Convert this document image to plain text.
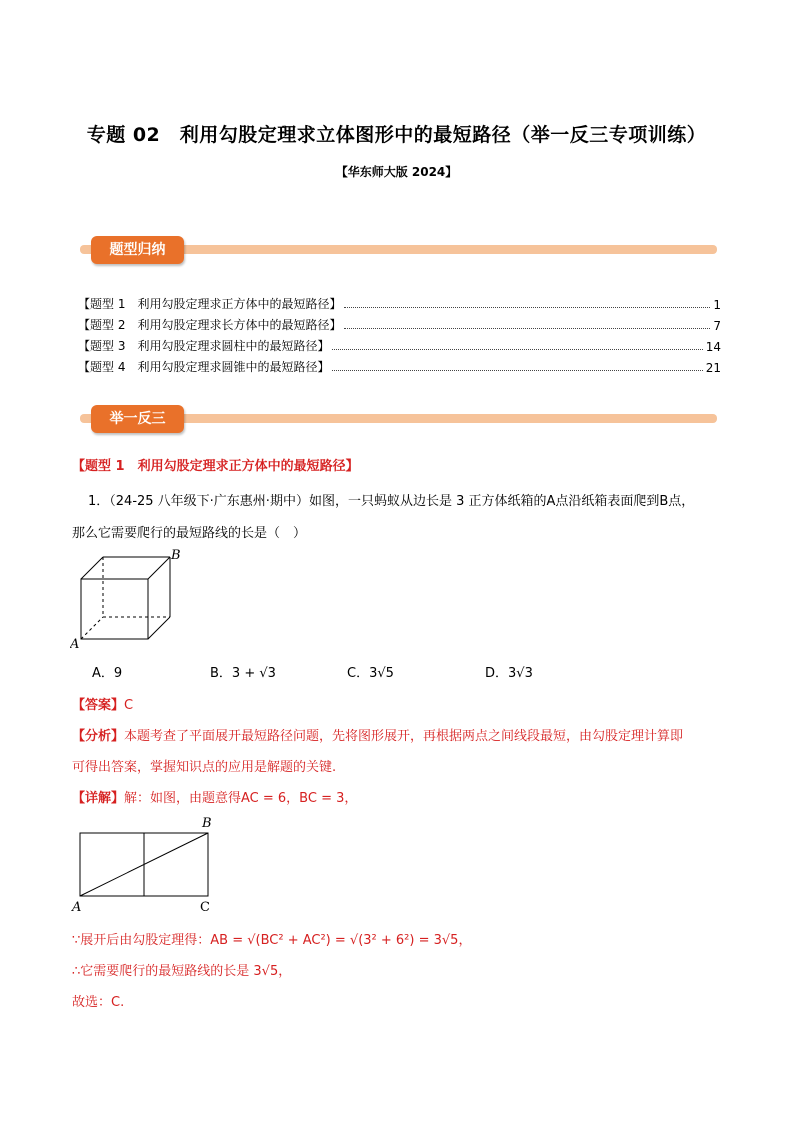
专题 02　利用勾股定理求立体图形中的最短路径（举一反三专项训练）
【华东师大版 2024】
题型归纳
【题型 1　利用勾股定理求正方体中的最短路径】	1
【题型 2　利用勾股定理求长方体中的最短路径】	7
【题型 3　利用勾股定理求圆柱中的最短路径】	14
【题型 4　利用勾股定理求圆锥中的最短路径】	21
举一反三
【题型 1　利用勾股定理求正方体中的最短路径】
1．（24-25 八年级下·广东惠州·期中）如图，一只蚂蚁从边长是 3 正方体纸箱的A点沿纸箱表面爬到B点，
那么它需要爬行的最短路线的长是（　）
B
A
A．9	B．3 + √3	C．3√5	D．3√3
【答案】C
【分析】本题考查了平面展开最短路径问题，先将图形展开，再根据两点之间线段最短，由勾股定理计算即
可得出答案，掌握知识点的应用是解题的关键.
【详解】解：如图，由题意得AC = 6，BC = 3，
B
A	C
∵展开后由勾股定理得：AB = √(BC² + AC²) = √(3² + 6²) = 3√5，
∴它需要爬行的最短路线的长是 3√5，
故选：C.
